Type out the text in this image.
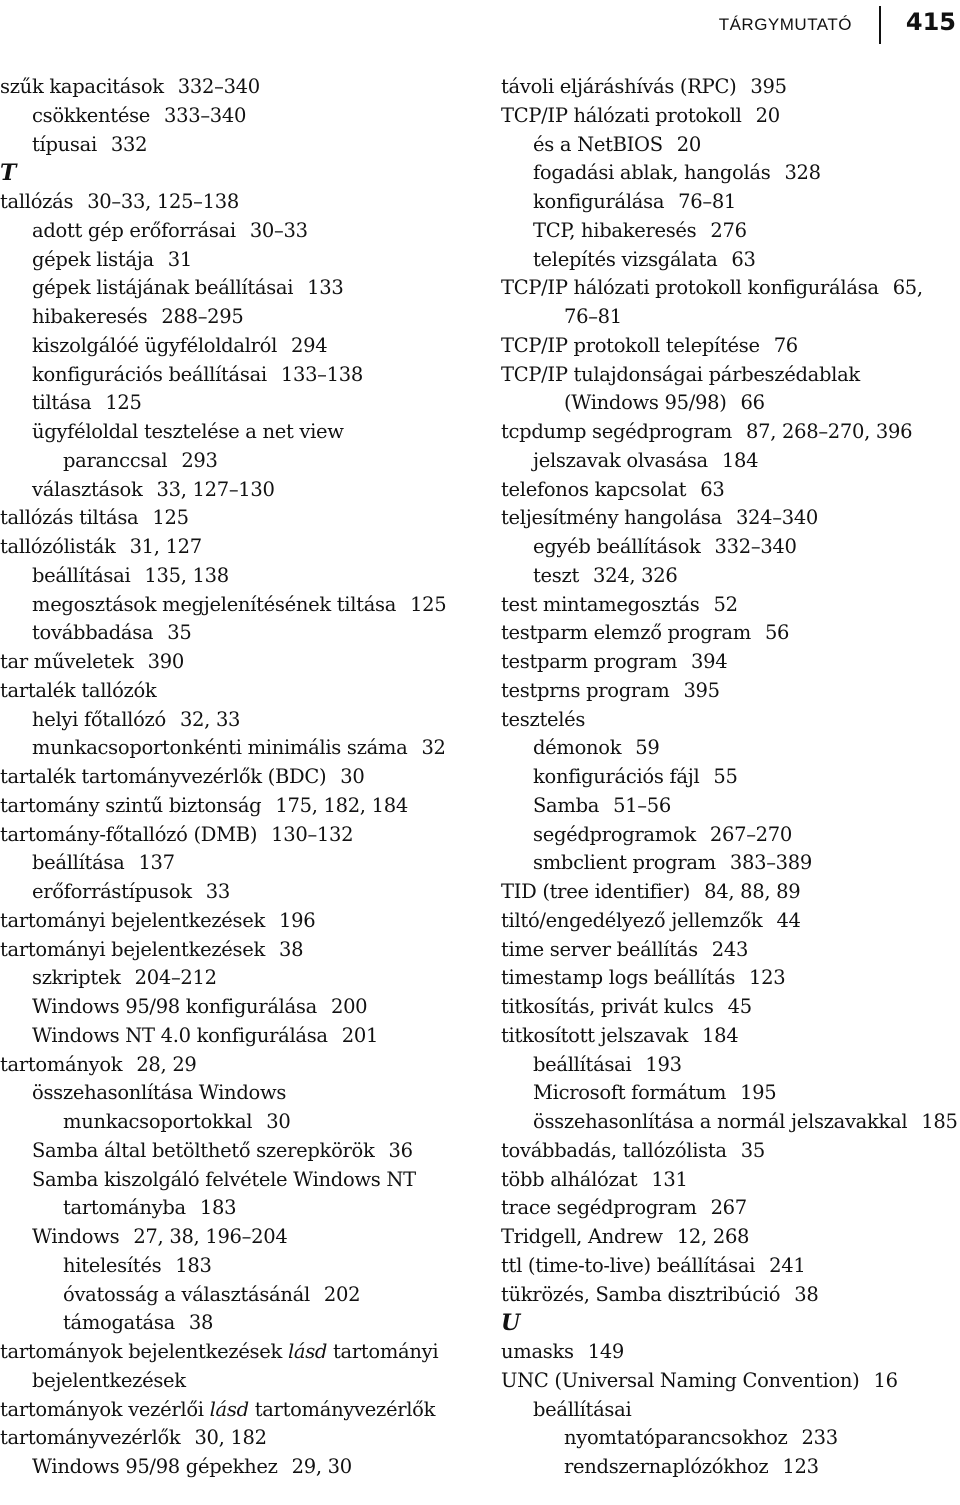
TÁRGYMUTATÓ 415
szűk kapacitások 332–340
csökkentése 333–340
típusai 332
T
tallózás 30–33, 125–138
adott gép erőforrásai 30–33
gépek listája 31
gépek listájának beállításai 133
hibakeresés 288–295
kiszolgálóé ügyféloldalról 294
konfigurációs beállításai 133–138
tiltása 125
ügyféloldal tesztelése a net view
paranccsal 293
választások 33, 127–130
tallózás tiltása 125
tallózólisták 31, 127
beállításai 135, 138
megosztások megjelenítésének tiltása 125
továbbadása 35
tar műveletek 390
tartalék tallózók
helyi főtallózó 32, 33
munkacsoportonkénti minimális száma 32
tartalék tartományvezérlők (BDC) 30
tartomány szintű biztonság 175, 182, 184
tartomány-főtallózó (DMB) 130–132
beállítása 137
erőforrástípusok 33
tartományi bejelentkezések 196
tartományi bejelentkezések 38
szkriptek 204–212
Windows 95/98 konfigurálása 200
Windows NT 4.0 konfigurálása 201
tartományok 28, 29
összehasonlítása Windows
munkacsoportokkal 30
Samba által betölthető szerepkörök 36
Samba kiszolgáló felvétele Windows NT
tartományba 183
Windows 27, 38, 196–204
hitelesítés 183
óvatosság a választásánál 202
támogatása 38
tartományok bejelentkezések lásd tartományi
bejelentkezések
tartományok vezérlői lásd tartományvezérlők
tartományvezérlők 30, 182
Windows 95/98 gépekhez 29, 30
távoli eljáráshívás (RPC) 395
TCP/IP hálózati protokoll 20
és a NetBIOS 20
fogadási ablak, hangolás 328
konfigurálása 76–81
TCP, hibakeresés 276
telepítés vizsgálata 63
TCP/IP hálózati protokoll konfigurálása 65,
76–81
TCP/IP protokoll telepítése 76
TCP/IP tulajdonságai párbeszédablak
(Windows 95/98) 66
tcpdump segédprogram 87, 268–270, 396
jelszavak olvasása 184
telefonos kapcsolat 63
teljesítmény hangolása 324–340
egyéb beállítások 332–340
teszt 324, 326
test mintamegosztás 52
testparm elemző program 56
testparm program 394
testprns program 395
tesztelés
démonok 59
konfigurációs fájl 55
Samba 51–56
segédprogramok 267–270
smbclient program 383–389
TID (tree identifier) 84, 88, 89
tiltó/engedélyező jellemzők 44
time server beállítás 243
timestamp logs beállítás 123
titkosítás, privát kulcs 45
titkosított jelszavak 184
beállításai 193
Microsoft formátum 195
összehasonlítása a normál jelszavakkal 185
továbbadás, tallózólista 35
több alhálózat 131
trace segédprogram 267
Tridgell, Andrew 12, 268
ttl (time-to-live) beállításai 241
tükrözés, Samba disztribúció 38
U
umasks 149
UNC (Universal Naming Convention) 16
beállításai
nyomtatóparancsokhoz 233
rendszernaplózókhoz 123
